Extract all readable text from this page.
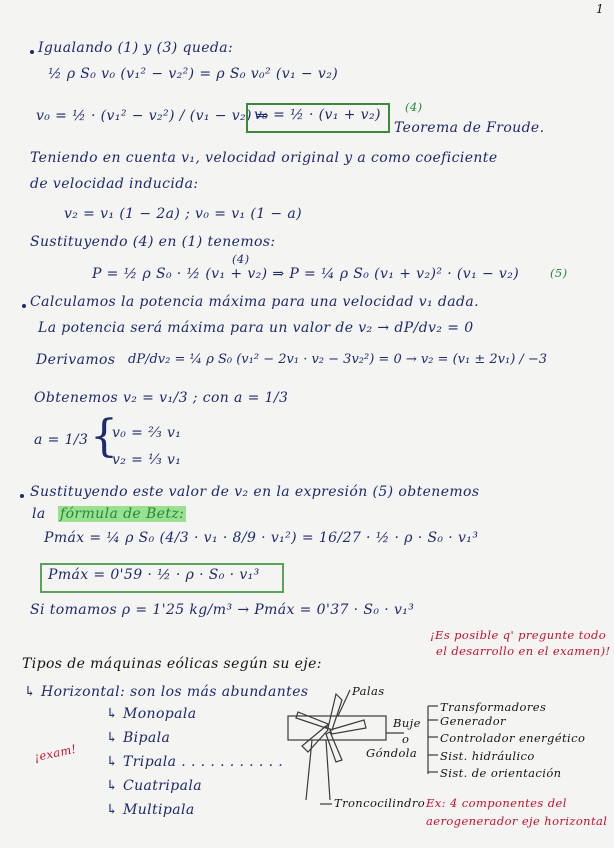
1
Igualando (1) y (3) queda:
½ ρ S₀ v₀ (v₁² − v₂²) = ρ S₀ v₀² (v₁ − v₂)
v₀ = ½ · (v₁² − v₂²) / (v₁ − v₂) ⇒
v₀ = ½ · (v₁ + v₂) (4)
Teorema de Froude.
Teniendo en cuenta v₁, velocidad original y a como coeficiente
de velocidad inducida:
v₂ = v₁ (1 − 2a) ; v₀ = v₁ (1 − a)
Sustituyendo (4) en (1) tenemos:
(4)
P = ½ ρ S₀ · ½ (v₁ + v₂) ⇒ P = ¼ ρ S₀ (v₁ + v₂)² · (v₁ − v₂)	(5)
Calculamos la potencia máxima para una velocidad v₁ dada.
La potencia será máxima para un valor de v₂ → dP/dv₂ = 0
Derivamos dP/dv₂ = ¼ ρ S₀ (v₁² − 2v₁ · v₂ − 3v₂²) = 0 → v₂ = (v₁ ± 2v₁) / −3
Obtenemos v₂ = v₁/3 ; con a = 1/3
a = 1/3 {
v₀ = ⅔ v₁
v₂ = ⅓ v₁
Sustituyendo este valor de v₂ en la expresión (5) obtenemos
la fórmula de Betz:
Pmáx = ¼ ρ S₀ (4/3 · v₁ · 8/9 · v₁²) = 16/27 · ½ · ρ · S₀ · v₁³
Pmáx = 0'59 · ½ · ρ · S₀ · v₁³
Si tomamos ρ = 1'25 kg/m³ → Pmáx = 0'37 · S₀ · v₁³
¡Es posible q' pregunte todo
el desarrollo en el examen)!
Tipos de máquinas eólicas según su eje:
↳ Horizontal: son los más abundantes	Palas
↳ Monopala
↳ Bipala
↳ Tripala . . . . . . . . . . .
↳ Cuatripala
↳ Multipala
¡exam!
Buje
o
Góndola
Troncocilindro
Transformadores
Generador
Controlador energético
Sist. hidráulico
Sist. de orientación
Ex: 4 componentes del
aerogenerador eje horizontal
